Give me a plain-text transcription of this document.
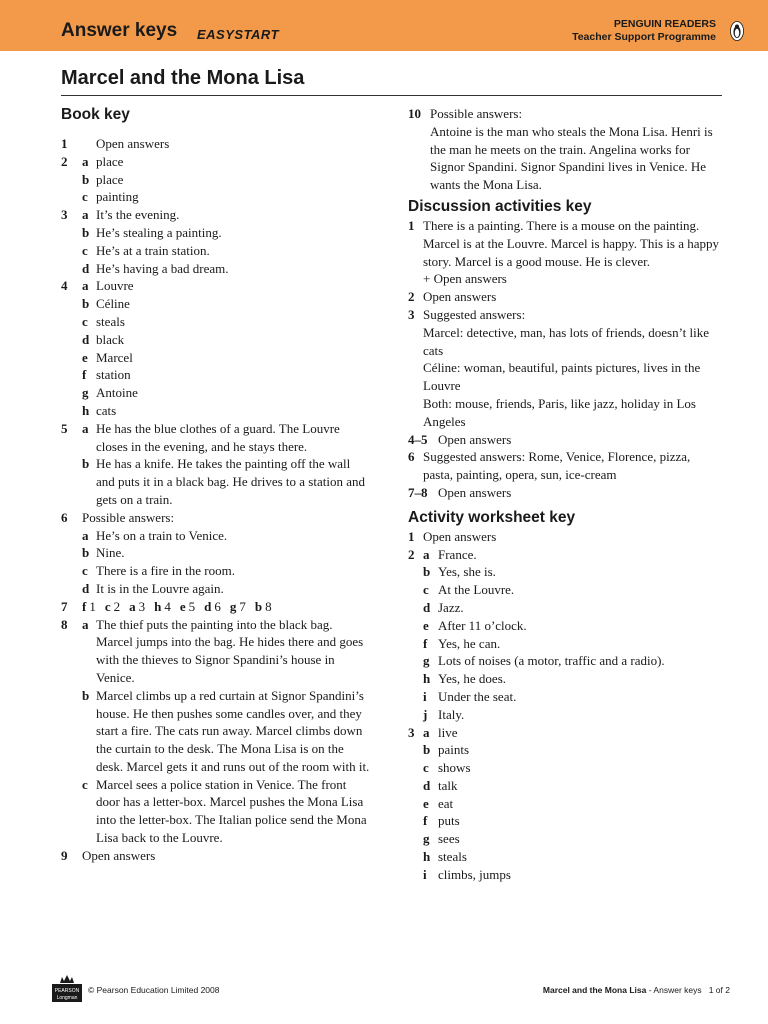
Answer keys EASYSTART
PENGUIN READERS
Teacher Support Programme
Marcel and the Mona Lisa
Book key
1 Open answers
2 a place
b place
c painting
3 a It’s the evening.
b He’s stealing a painting.
c He’s at a train station.
d He’s having a bad dream.
4 a Louvre
b Céline
c steals
d black
e Marcel
f station
g Antoine
h cats
5 a He has the blue clothes of a guard. The Louvre closes in the evening, and he stays there.
b He has a knife. He takes the painting off the wall and puts it in a black bag. He drives to a station and gets on a train.
6 Possible answers:
a He’s on a train to Venice.
b Nine.
c There is a fire in the room.
d It is in the Louvre again.
7 f 1 c 2 a 3 h 4 e 5 d 6 g 7 b 8
8 a The thief puts the painting into the black bag. Marcel jumps into the bag. He hides there and goes with the thieves to Signor Spandini’s house in Venice.
b Marcel climbs up a red curtain at Signor Spandini’s house. He then pushes some candles over, and they start a fire. The cats run away. Marcel climbs down the curtain to the desk. The Mona Lisa is on the desk. Marcel gets it and runs out of the room with it.
c Marcel sees a police station in Venice. The front door has a letter-box. Marcel pushes the Mona Lisa into the letter-box. The Italian police send the Mona Lisa back to the Louvre.
9 Open answers
10 Possible answers:
Antoine is the man who steals the Mona Lisa. Henri is the man he meets on the train. Angelina works for Signor Spandini. Signor Spandini lives in Venice. He wants the Mona Lisa.
Discussion activities key
1 There is a painting. There is a mouse on the painting. Marcel is at the Louvre. Marcel is happy. This is a happy story. Marcel is a good mouse. He is clever.
+ Open answers
2 Open answers
3 Suggested answers:
Marcel: detective, man, has lots of friends, doesn’t like cats
Céline: woman, beautiful, paints pictures, lives in the Louvre
Both: mouse, friends, Paris, like jazz, holiday in Los Angeles
4–5 Open answers
6 Suggested answers: Rome, Venice, Florence, pizza, pasta, painting, opera, sun, ice-cream
7–8 Open answers
Activity worksheet key
1 Open answers
2 a France.
b Yes, she is.
c At the Louvre.
d Jazz.
e After 11 o’clock.
f Yes, he can.
g Lots of noises (a motor, traffic and a radio).
h Yes, he does.
i Under the seat.
j Italy.
3 a live
b paints
c shows
d talk
e eat
f puts
g sees
h steals
i climbs, jumps
PEARSON
Longman
© Pearson Education Limited 2008	Marcel and the Mona Lisa - Answer keys 1 of 2
